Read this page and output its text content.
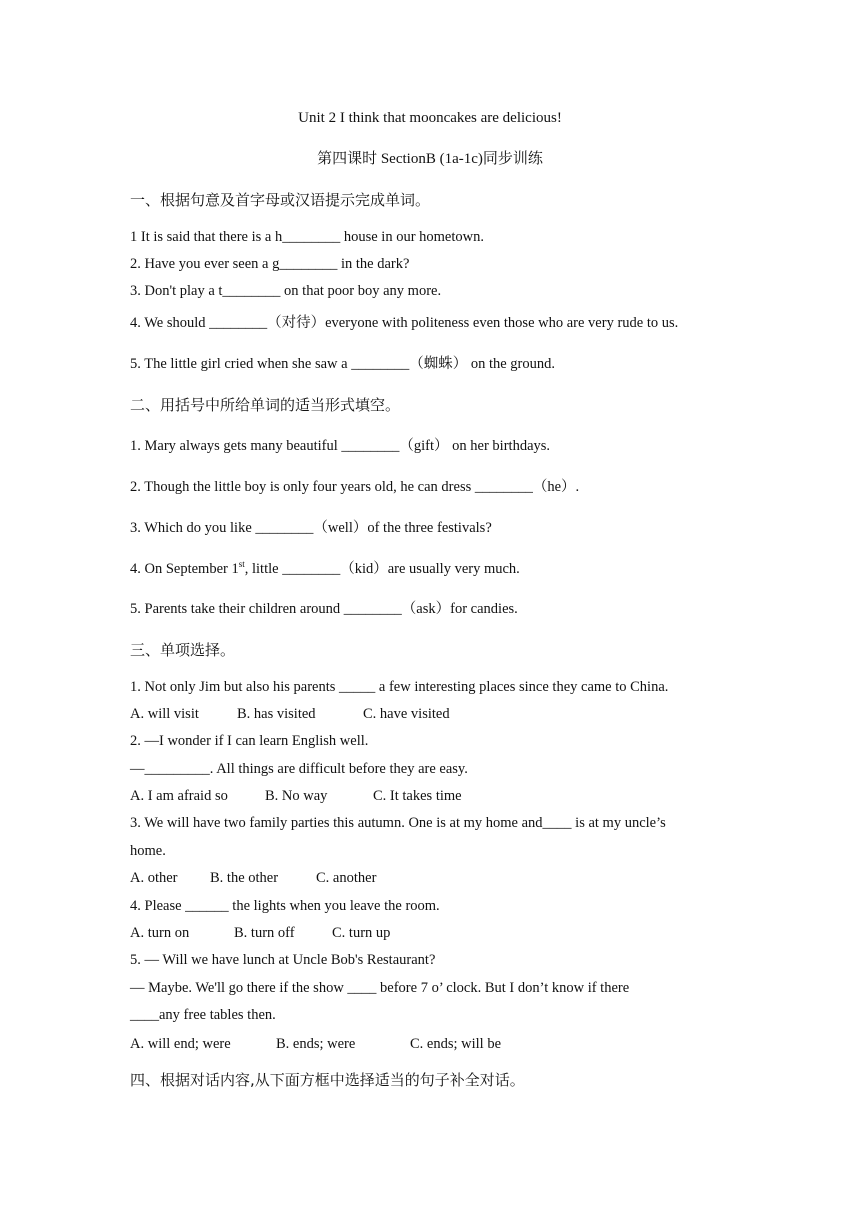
Unit 2 I think that mooncakes are delicious!
第四课时 SectionB (1a-1c)同步训练
一、根据句意及首字母或汉语提示完成单词。
1 It is said that there is a h________ house in our hometown.
2. Have you ever seen a g________ in the dark?
3. Don't play a t________ on that poor boy any more.
4. We should ________（对待）everyone with politeness even those who are very rude to us.
5. The little girl cried when she saw a ________（蜘蛛） on the ground.
二、用括号中所给单词的适当形式填空。
1. Mary always gets many beautiful ________（gift） on her birthdays.
2. Though the little boy is only four years old, he can dress ________（he）.
3. Which do you like ________（well）of the three festivals?
4. On September 1st, little ________（kid）are usually very much.
5. Parents take their children around ________（ask）for candies.
三、单项选择。
1. Not only Jim but also his parents _____ a few interesting places since they came to China.
A. will visit	B. has visited	C. have visited
2. —I wonder if I can learn English well.
—_________. All things are difficult before they are easy.
A. I am afraid so	B. No way	C. It takes time
3. We will have two family parties this autumn. One is at my home and____ is at my uncle’s
home.
A. other B. the other	C. another
4. Please ______ the lights when you leave the room.
A. turn on	B. turn off	C. turn up
5. — Will we have lunch at Uncle Bob's Restaurant?
— Maybe. We'll go there if the show ____ before 7 o’ clock. But I don’t know if there
____any free tables then.
A. will end; were	B. ends; were	C. ends; will be
四、根据对话内容,从下面方框中选择适当的句子补全对话。
